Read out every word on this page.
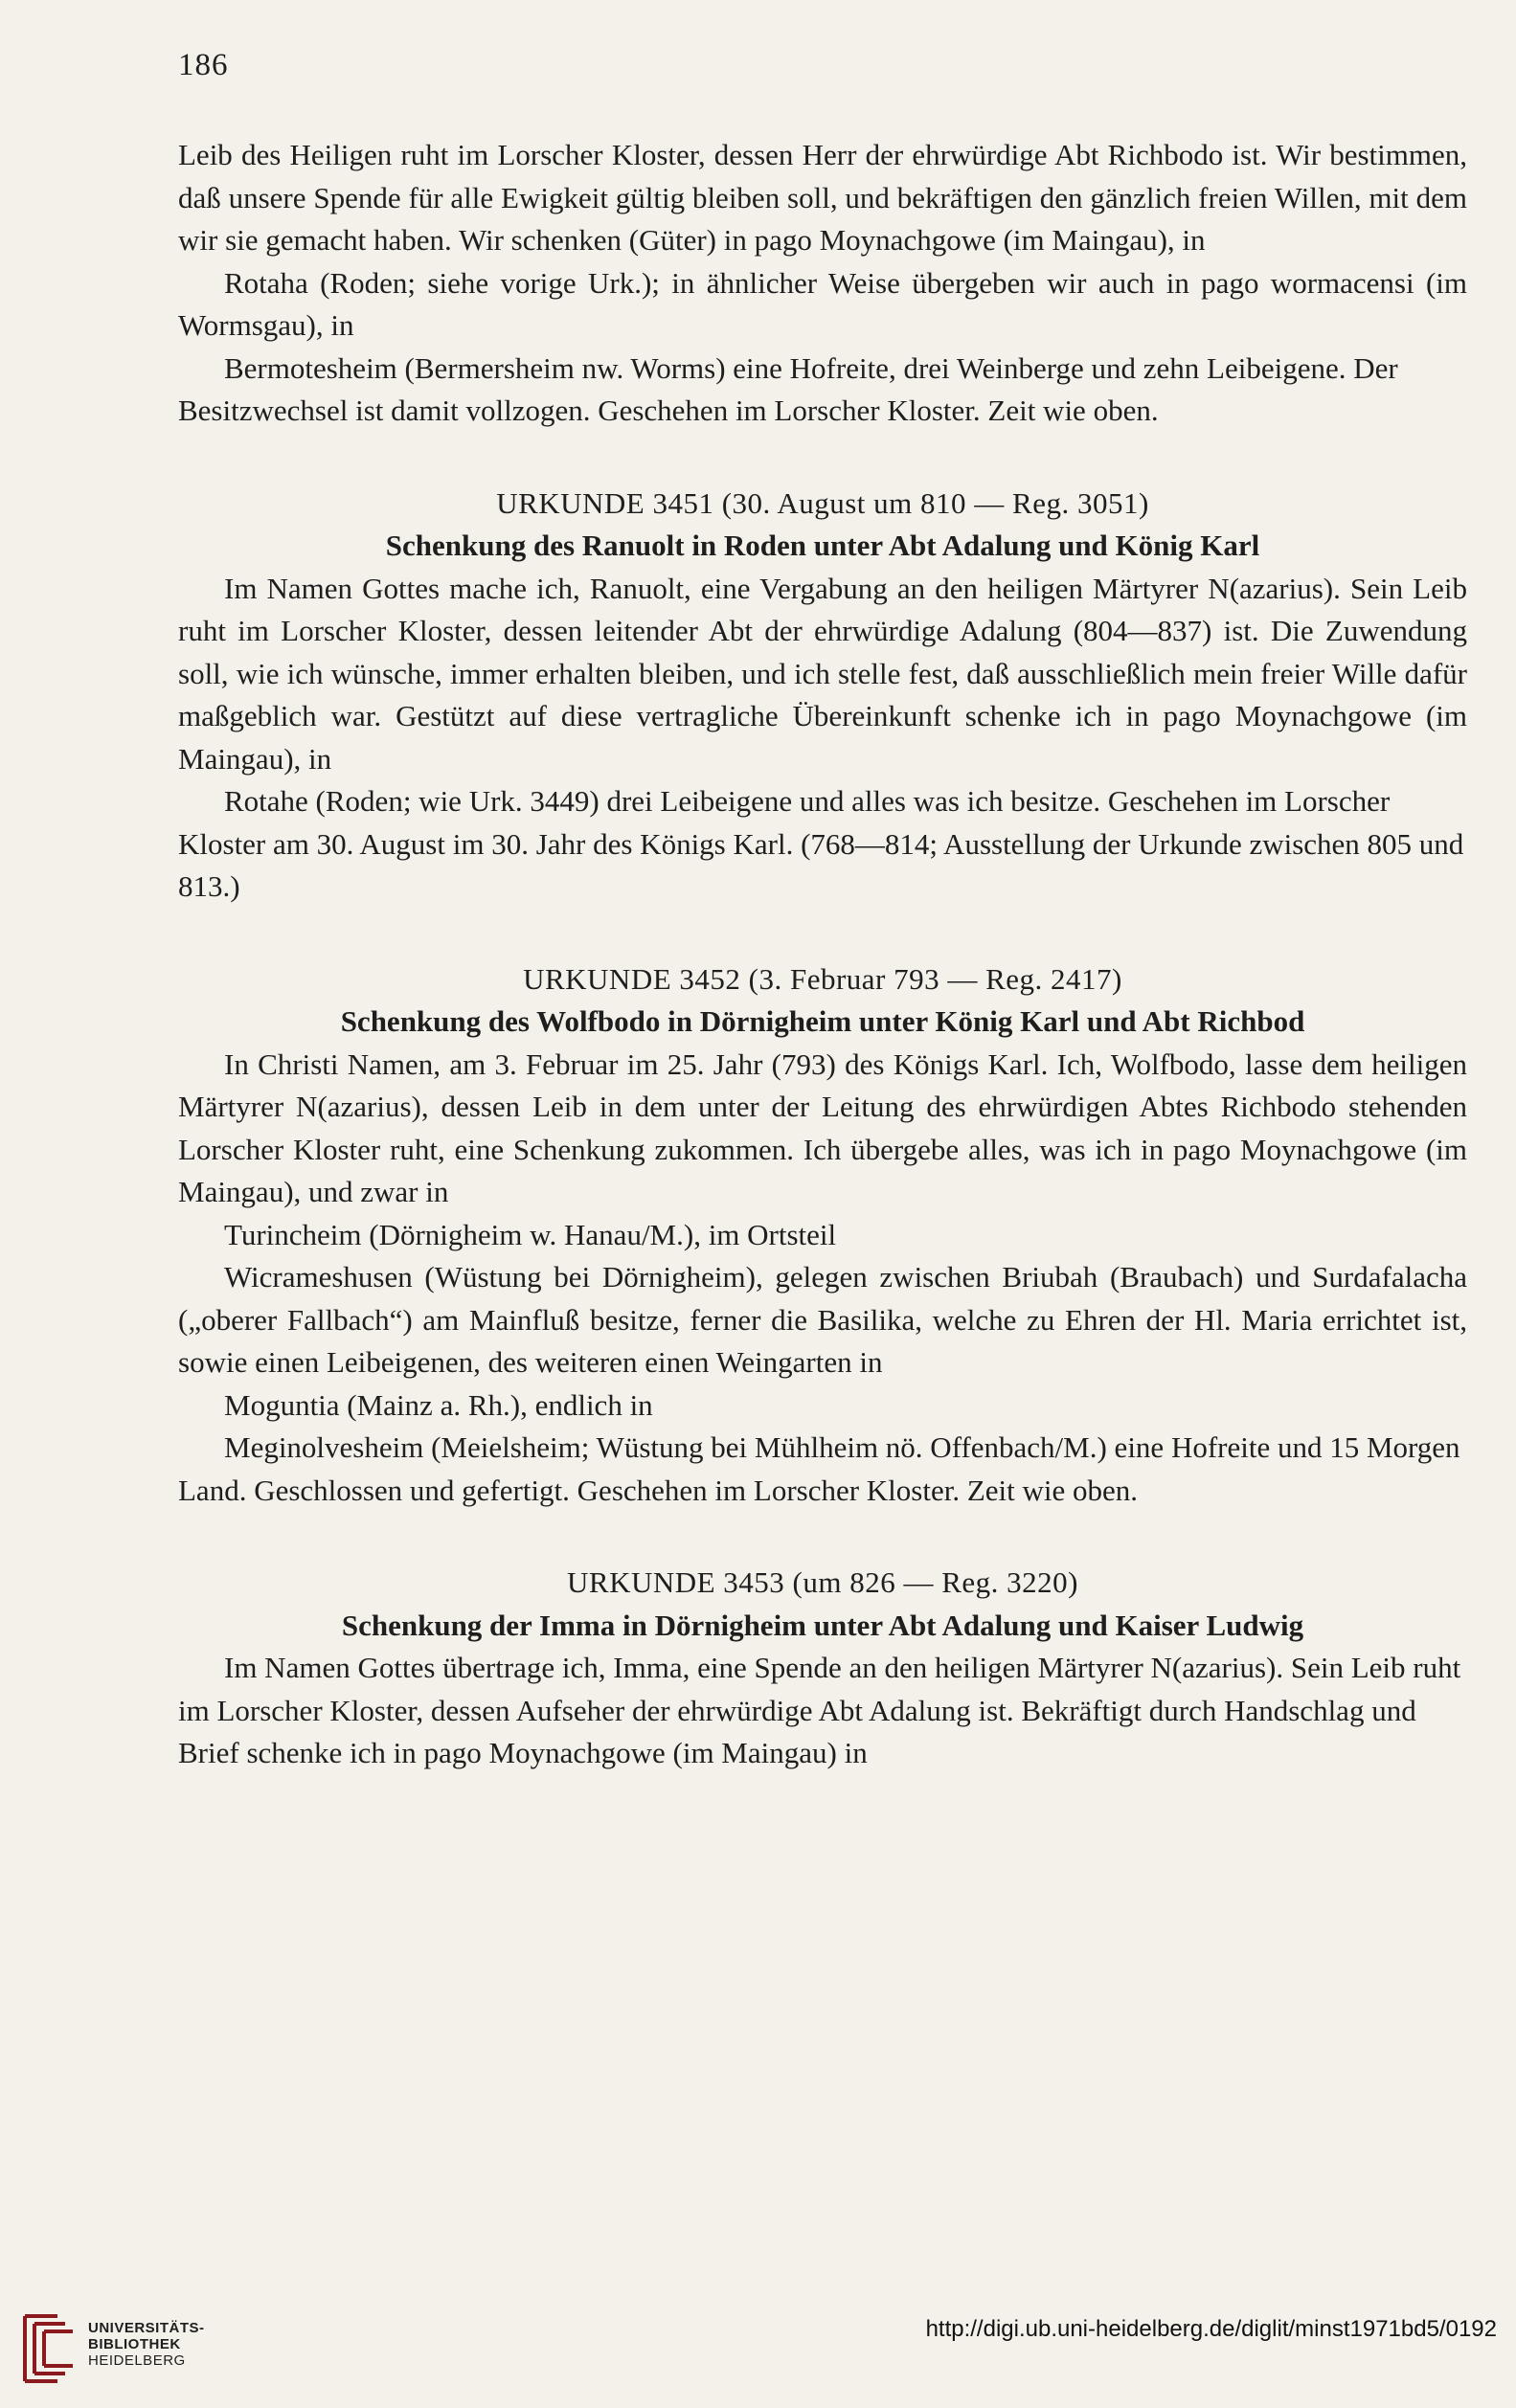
186

Leib des Heiligen ruht im Lorscher Kloster, dessen Herr der ehrwürdige Abt Richbodo ist. Wir bestimmen, daß unsere Spende für alle Ewigkeit gültig bleiben soll, und bekräftigen den gänzlich freien Willen, mit dem wir sie gemacht haben. Wir schenken (Güter) in pago Moynachgowe (im Maingau), in

Rotaha (Roden; siehe vorige Urk.); in ähnlicher Weise übergeben wir auch in pago wormacensi (im Wormsgau), in

Bermotesheim (Bermersheim nw. Worms) eine Hofreite, drei Weinberge und zehn Leibeigene. Der Besitzwechsel ist damit vollzogen. Geschehen im Lorscher Kloster. Zeit wie oben.

URKUNDE 3451 (30. August um 810 — Reg. 3051)

Schenkung des Ranuolt in Roden unter Abt Adalung und König Karl

Im Namen Gottes mache ich, Ranuolt, eine Vergabung an den heiligen Märtyrer N(azarius). Sein Leib ruht im Lorscher Kloster, dessen leitender Abt der ehrwürdige Adalung (804—837) ist. Die Zuwendung soll, wie ich wünsche, immer erhalten bleiben, und ich stelle fest, daß ausschließlich mein freier Wille dafür maßgeblich war. Gestützt auf diese vertragliche Übereinkunft schenke ich in pago Moynachgowe (im Maingau), in

Rotahe (Roden; wie Urk. 3449) drei Leibeigene und alles was ich besitze. Geschehen im Lorscher Kloster am 30. August im 30. Jahr des Königs Karl. (768—814; Ausstellung der Urkunde zwischen 805 und 813.)

URKUNDE 3452 (3. Februar 793 — Reg. 2417)

Schenkung des Wolfbodo in Dörnigheim unter König Karl und Abt Richbod

In Christi Namen, am 3. Februar im 25. Jahr (793) des Königs Karl. Ich, Wolfbodo, lasse dem heiligen Märtyrer N(azarius), dessen Leib in dem unter der Leitung des ehrwürdigen Abtes Richbodo stehenden Lorscher Kloster ruht, eine Schenkung zukommen. Ich übergebe alles, was ich in pago Moynachgowe (im Maingau), und zwar in

Turincheim (Dörnigheim w. Hanau/M.), im Ortsteil

Wicrameshusen (Wüstung bei Dörnigheim), gelegen zwischen Briubah (Braubach) und Surdafalacha („oberer Fallbach“) am Mainfluß besitze, ferner die Basilika, welche zu Ehren der Hl. Maria errichtet ist, sowie einen Leibeigenen, des weiteren einen Weingarten in

Moguntia (Mainz a. Rh.), endlich in

Meginolvesheim (Meielsheim; Wüstung bei Mühlheim nö. Offenbach/M.) eine Hofreite und 15 Morgen Land. Geschlossen und gefertigt. Geschehen im Lorscher Kloster. Zeit wie oben.

URKUNDE 3453 (um 826 — Reg. 3220)

Schenkung der Imma in Dörnigheim unter Abt Adalung und Kaiser Ludwig

Im Namen Gottes übertrage ich, Imma, eine Spende an den heiligen Märtyrer N(azarius). Sein Leib ruht im Lorscher Kloster, dessen Aufseher der ehrwürdige Abt Adalung ist. Bekräftigt durch Handschlag und Brief schenke ich in pago Moynachgowe (im Maingau) in

UNIVERSITÄTS-
BIBLIOTHEK
HEIDELBERG
http://digi.ub.uni-heidelberg.de/diglit/minst1971bd5/0192
